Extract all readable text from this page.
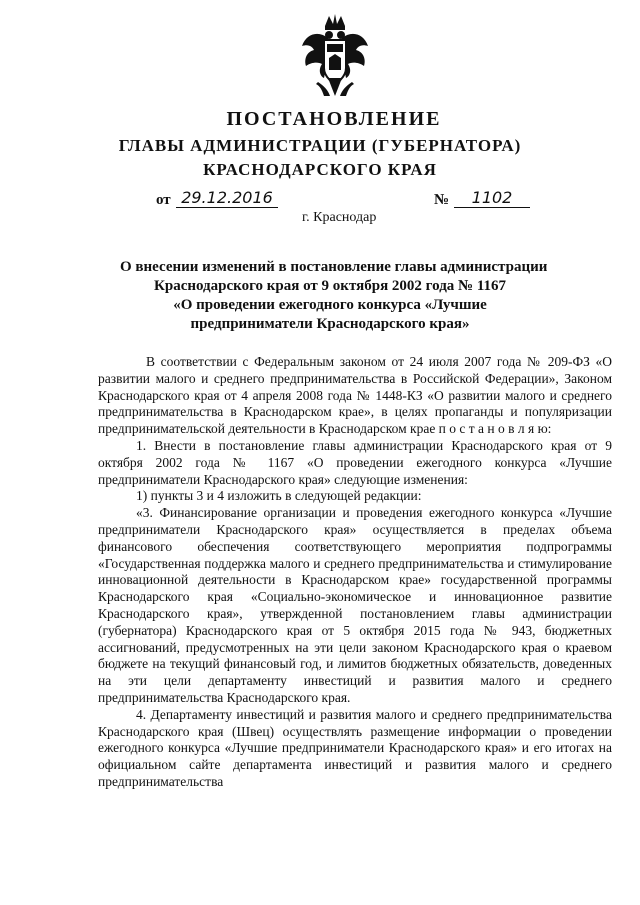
ПОСТАНОВЛЕНИЕ
ГЛАВЫ АДМИНИСТРАЦИИ (ГУБЕРНАТОРА)
КРАСНОДАРСКОГО КРАЯ
от 29.12.2016	№	1102
г. Краснодар
О внесении изменений в постановление главы администрации
Краснодарского края от 9 октября 2002 года № 1167
«О проведении ежегодного конкурса «Лучшие
предприниматели Краснодарского края»

В соответствии с Федеральным законом от 24 июля 2007 года № 209-ФЗ «О развитии малого и среднего предпринимательства в Российской Федерации», Законом Краснодарского края от 4 апреля 2008 года № 1448-КЗ «О развитии малого и среднего предпринимательства в Краснодарском крае», в целях пропаганды и популяризации предпринимательской деятельности в Краснодарском крае п о с т а н о в л я ю:

1. Внести в постановление главы администрации Краснодарского края от 9 октября 2002 года № 1167 «О проведении ежегодного конкурса «Лучшие предприниматели Краснодарского края» следующие изменения:

1) пункты 3 и 4 изложить в следующей редакции:

«3. Финансирование организации и проведения ежегодного конкурса «Лучшие предприниматели Краснодарского края» осуществляется в пределах объема финансового обеспечения соответствующего мероприятия подпрограммы «Государственная поддержка малого и среднего предпринимательства и стимулирование инновационной деятельности в Краснодарском крае» государственной программы Краснодарского края «Социально-экономическое и инновационное развитие Краснодарского края», утвержденной постановлением главы администрации (губернатора) Краснодарского края от 5 октября 2015 года № 943, бюджетных ассигнований, предусмотренных на эти цели законом Краснодарского края о краевом бюджете на текущий финансовый год, и лимитов бюджетных обязательств, доведенных на эти цели департаменту инвестиций и развития малого и среднего предпринимательства Краснодарского края.

4. Департаменту инвестиций и развития малого и среднего предпринимательства Краснодарского края (Швец) осуществлять размещение информации о проведении ежегодного конкурса «Лучшие предприниматели Краснодарского края» и его итогах на официальном сайте департамента инвестиций и развития малого и среднего предпринимательства
